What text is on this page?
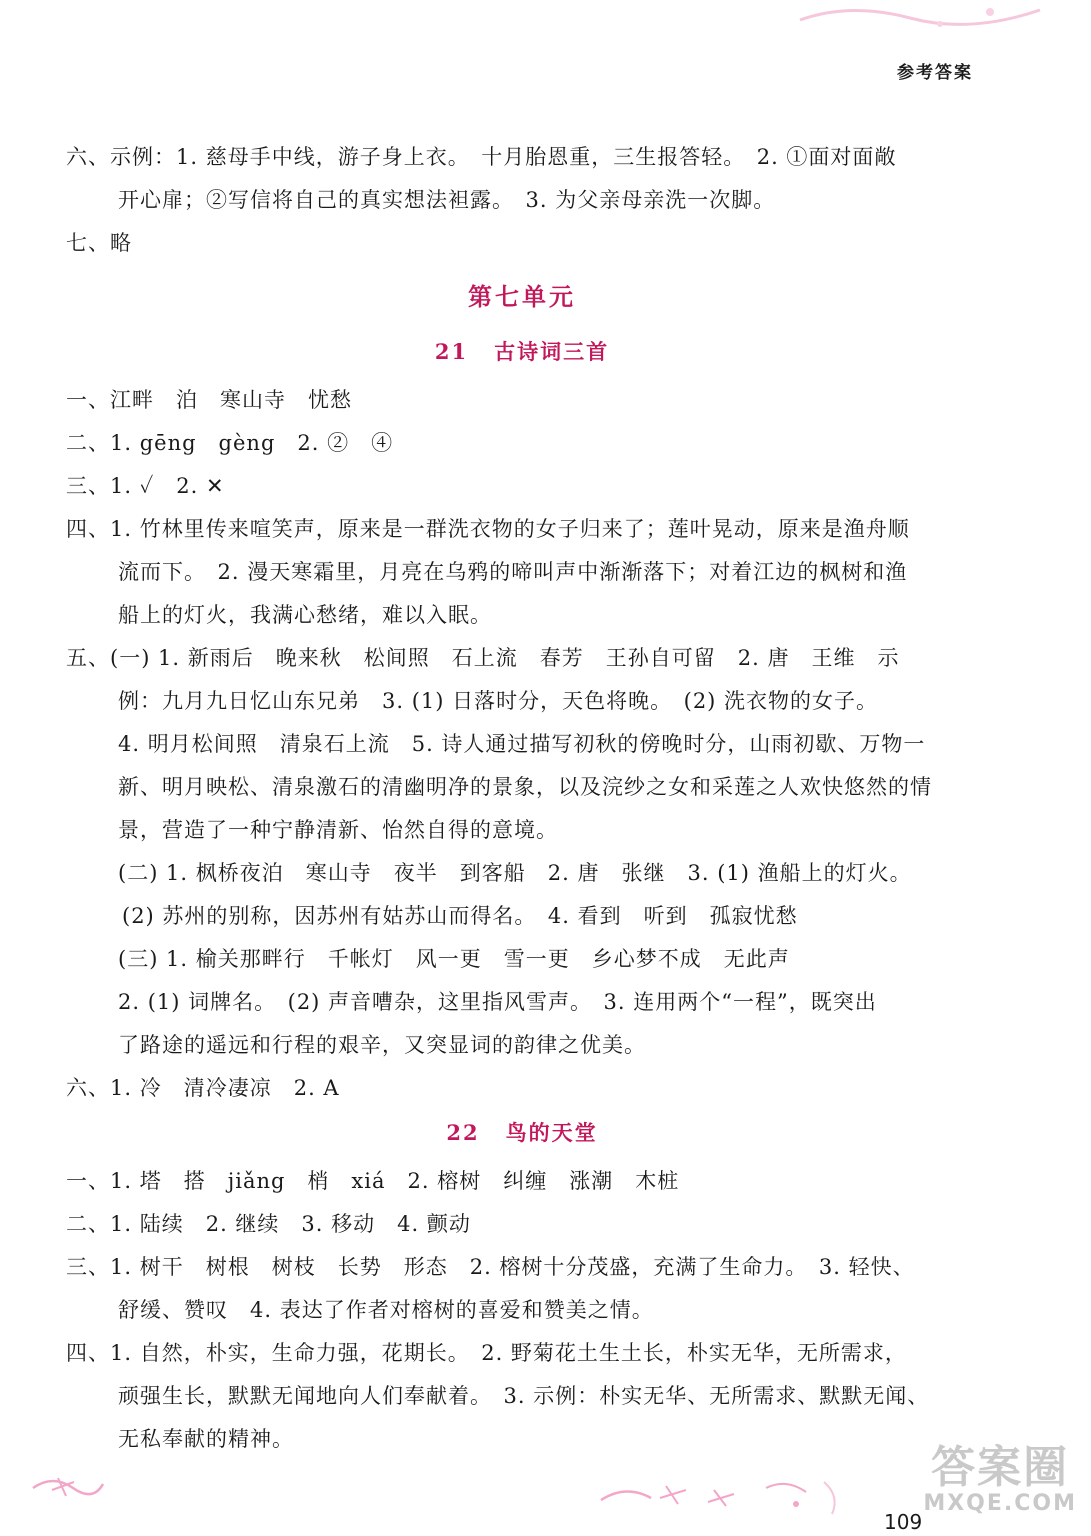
参考答案
六、示例：1. 慈母手中线，游子身上衣。　十月胎恩重，三生报答轻。　2. ①面对面敞
开心扉；②写信将自己的真实想法袒露。　3. 为父亲母亲洗一次脚。
七、略
第七单元
21 古诗词三首
一、江畔　泊　寒山寺　忧愁
二、1. gēng　gèng　2. ②　④
三、1. ✓　2. ✕
四、1. 竹林里传来喧笑声，原来是一群洗衣物的女子归来了；莲叶晃动，原来是渔舟顺
流而下。　2. 漫天寒霜里，月亮在乌鸦的啼叫声中渐渐落下；对着江边的枫树和渔
船上的灯火，我满心愁绪，难以入眠。
五、(一) 1. 新雨后　晚来秋　松间照　石上流　春芳　王孙自可留　2. 唐　王维　示
例：九月九日忆山东兄弟　3. (1) 日落时分，天色将晚。　(2) 洗衣物的女子。
4. 明月松间照　清泉石上流　5. 诗人通过描写初秋的傍晚时分，山雨初歇、万物一
新、明月映松、清泉激石的清幽明净的景象，以及浣纱之女和采莲之人欢快悠然的情
景，营造了一种宁静清新、怡然自得的意境。
(二) 1. 枫桥夜泊　寒山寺　夜半　到客船　2. 唐　张继　3. (1) 渔船上的灯火。
(2) 苏州的别称，因苏州有姑苏山而得名。　4. 看到　听到　孤寂忧愁
(三) 1. 榆关那畔行　千帐灯　风一更　雪一更　乡心梦不成　无此声
2. (1) 词牌名。　(2) 声音嘈杂，这里指风雪声。　3. 连用两个“一程”，既突出
了路途的遥远和行程的艰辛，又突显词的韵律之优美。
六、1. 冷　清冷凄凉　2. A
22 鸟的天堂
一、1. 塔　搭　jiǎng　梢　xiá　2. 榕树　纠缠　涨潮　木桩
二、1. 陆续　2. 继续　3. 移动　4. 颤动
三、1. 树干　树根　树枝　长势　形态　2. 榕树十分茂盛，充满了生命力。　3. 轻快、
舒缓、赞叹　4. 表达了作者对榕树的喜爱和赞美之情。
四、1. 自然，朴实，生命力强，花期长。　2. 野菊花土生土长，朴实无华，无所需求，
顽强生长，默默无闻地向人们奉献着。　3. 示例：朴实无华、无所需求、默默无闻、
无私奉献的精神。
109
答案圈
MXQE.COM
